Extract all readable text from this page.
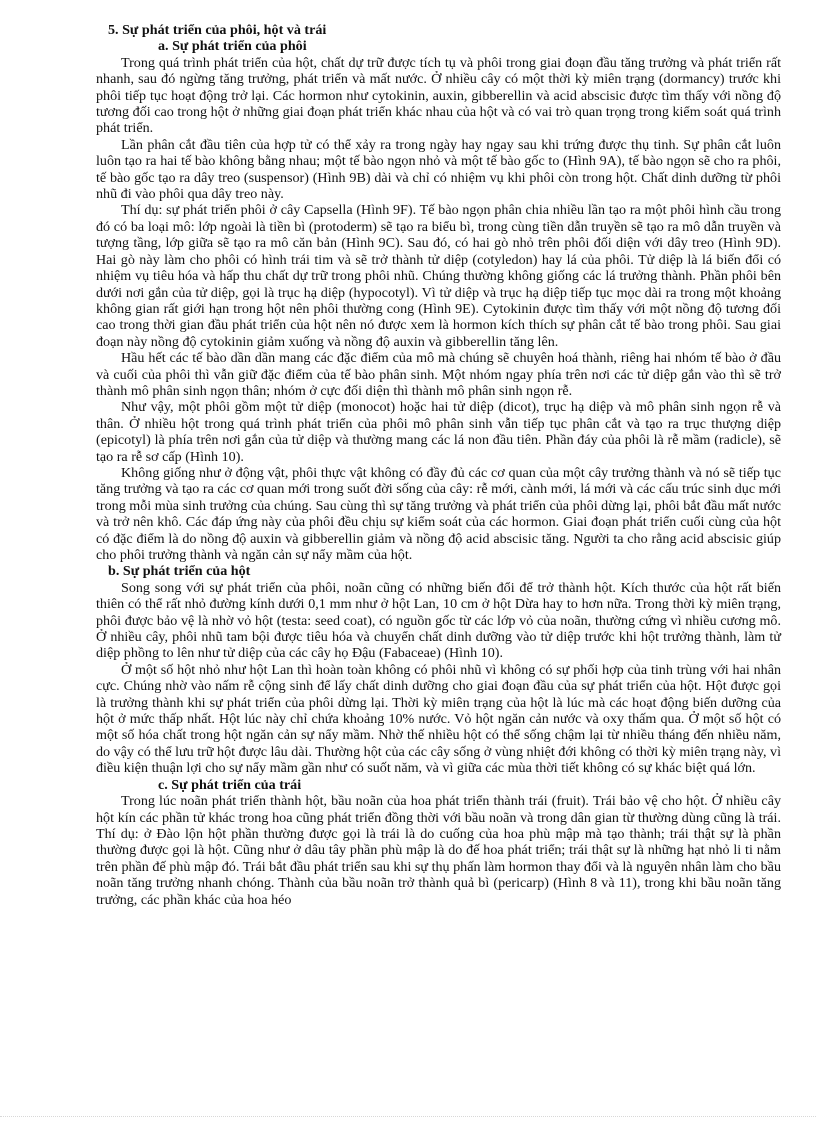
5. Sự phát triển của phôi, hột và trái
a. Sự phát triển của phôi

Trong quá trình phát triển của hột, chất dự trữ được tích tụ và phôi trong giai đoạn đầu tăng trưởng và phát triển rất nhanh, sau đó ngừng tăng trưởng, phát triển và mất nước. Ở nhiều cây có một thời kỳ miên trạng (dormancy) trước khi phôi tiếp tục hoạt động trở lại. Các hormon như cytokinin, auxin, gibberellin và acid abscisic được tìm thấy với nồng độ tương đối cao trong hột ở những giai đoạn phát triển khác nhau của hột và có vai trò quan trọng trong kiểm soát quá trình phát triển.

Lần phân cắt đầu tiên của hợp tử có thể xảy ra trong ngày hay ngay sau khi trứng được thụ tinh. Sự phân cắt luôn luôn tạo ra hai tế bào không bằng nhau; một tế bào ngọn nhỏ và một tế bào gốc to (Hình 9A), tế bào ngọn sẽ cho ra phôi, tế bào gốc tạo ra dây treo (suspensor) (Hình 9B) dài và chỉ có nhiệm vụ khi phôi còn trong hột. Chất dinh dưỡng từ phôi nhũ đi vào phôi qua dây treo này.

Thí dụ: sự phát triển phôi ở cây Capsella (Hình 9F). Tế bào ngọn phân chia nhiều lần tạo ra một phôi hình cầu trong đó có ba loại mô: lớp ngoài là tiền bì (protoderm) sẽ tạo ra biểu bì, trong cùng tiền dẫn truyền sẽ tạo ra mô dẫn truyền và tượng tầng, lớp giữa sẽ tạo ra mô căn bản (Hình 9C). Sau đó, có hai gò nhỏ trên phôi đối diện với dây treo (Hình 9D). Hai gò này làm cho phôi có hình trái tim và sẽ trở thành tử diệp (cotyledon) hay lá của phôi. Tử diệp là lá biến đổi có nhiệm vụ tiêu hóa và hấp thu chất dự trữ trong phôi nhũ. Chúng thường không giống các lá trưởng thành. Phần phôi bên dưới nơi gắn của tử diệp, gọi là trục hạ diệp (hypocotyl). Vì tử diệp và trục hạ diệp tiếp tục mọc dài ra trong một khoảng không gian rất giới hạn trong hột nên phôi thường cong (Hình 9E). Cytokinin được tìm thấy với một nồng độ tương đối cao trong thời gian đầu phát triển của hột nên nó được xem là hormon kích thích sự phân cắt tế bào trong phôi. Sau giai đoạn này nồng độ cytokinin giảm xuống và nồng độ auxin và gibberellin tăng lên.

Hầu hết các tế bào dần dần mang các đặc điểm của mô mà chúng sẽ chuyên hoá thành, riêng hai nhóm tế bào ở đầu và cuối của phôi thì vẫn giữ đặc điểm của tế bào phân sinh. Một nhóm ngay phía trên nơi các tử diệp gắn vào thì sẽ trở thành mô phân sinh ngọn thân; nhóm ở cực đối diện thì thành mô phân sinh ngọn rễ.

Như vậy, một phôi gồm một tử diệp (monocot) hoặc hai tử diệp (dicot), trục hạ diệp và mô phân sinh ngọn rễ và thân. Ở nhiều hột trong quá trình phát triển của phôi mô phân sinh vẫn tiếp tục phân cắt và tạo ra trục thượng diệp (epicotyl) là phía trên nơi gắn của tử diệp và thường mang các lá non đầu tiên. Phần đáy của phôi là rễ mầm (radicle), sẽ tạo ra rễ sơ cấp (Hình 10).

Không giống như ở động vật, phôi thực vật không có đầy đủ các cơ quan của một cây trưởng thành và nó sẽ tiếp tục tăng trưởng và tạo ra các cơ quan mới trong suốt đời sống của cây: rễ mới, cành mới, lá mới và các cấu trúc sinh dục mới trong mỗi mùa sinh trưởng của chúng. Sau cùng thì sự tăng trưởng và phát triển của phôi dừng lại, phôi bắt đầu mất nước và trở nên khô. Các đáp ứng này của phôi đều chịu sự kiểm soát của các hormon. Giai đoạn phát triển cuối cùng của hột có đặc điểm là do nồng độ auxin và gibberellin giảm và nồng độ acid abscisic tăng. Người ta cho rằng acid abscisic giúp cho phôi trưởng thành và ngăn cản sự nẩy mầm của hột.

b. Sự phát triển của hột

Song song với sự phát triển của phôi, noãn cũng có những biến đổi để trở thành hột. Kích thước của hột rất biến thiên có thể rất nhỏ đường kính dưới 0,1 mm như ở hột Lan, 10 cm ở hột Dừa hay to hơn nữa. Trong thời kỳ miên trạng, phôi được bảo vệ là nhờ vỏ hột (testa: seed coat), có nguồn gốc từ các lớp vỏ của noãn, thường cứng vì nhiều cương mô. Ở nhiều cây, phôi nhũ tam bội được tiêu hóa và chuyển chất dinh dưỡng vào tử diệp trước khi hột trưởng thành, làm tử diệp phồng to lên như tử diệp của các cây họ Đậu (Fabaceae) (Hình 10).

Ở một số hột nhỏ như hột Lan thì hoàn toàn không có phôi nhũ vì không có sự phối hợp của tinh trùng với hai nhân cực. Chúng nhờ vào nấm rễ cộng sinh để lấy chất dinh dưỡng cho giai đoạn đầu của sự phát triển của hột. Hột được gọi là trưởng thành khi sự phát triển của phôi dừng lại. Thời kỳ miên trạng của hột là lúc mà các hoạt động biến dưỡng của hột ở mức thấp nhất. Hột lúc này chỉ chứa khoảng 10% nước. Vỏ hột ngăn cản nước và oxy thấm qua. Ở một số hột có một số hóa chất trong hột ngăn cản sự nẩy mầm. Nhờ thế nhiều hột có thể sống chậm lại từ nhiều tháng đến nhiều năm, do vậy có thể lưu trữ hột được lâu dài. Thường hột của các cây sống ở vùng nhiệt đới không có thời kỳ miên trạng này, vì điều kiện thuận lợi cho sự nẩy mầm gần như có suốt năm, và vì giữa các mùa thời tiết không có sự khác biệt quá lớn.

c. Sự phát triển của trái

Trong lúc noãn phát triển thành hột, bầu noãn của hoa phát triển thành trái (fruit). Trái bảo vệ cho hột. Ở nhiều cây hột kín các phần tử khác trong hoa cũng phát triển đồng thời với bầu noãn và trong dân gian từ thường dùng cũng là trái. Thí dụ: ở Đào lộn hột phần thường được gọi là trái là do cuống của hoa phù mập mà tạo thành; trái thật sự là phần thường được gọi là hột. Cũng như ở dâu tây phần phù mập là do đế hoa phát triển; trái thật sự là những hạt nhỏ li ti nằm trên phần đế phù mập đó. Trái bắt đầu phát triển sau khi sự thụ phấn làm hormon thay đổi và là nguyên nhân làm cho bầu noãn tăng trưởng nhanh chóng. Thành của bầu noãn trở thành quả bì (pericarp) (Hình 8 và 11), trong khi bầu noãn tăng trưởng, các phần khác của hoa héo
